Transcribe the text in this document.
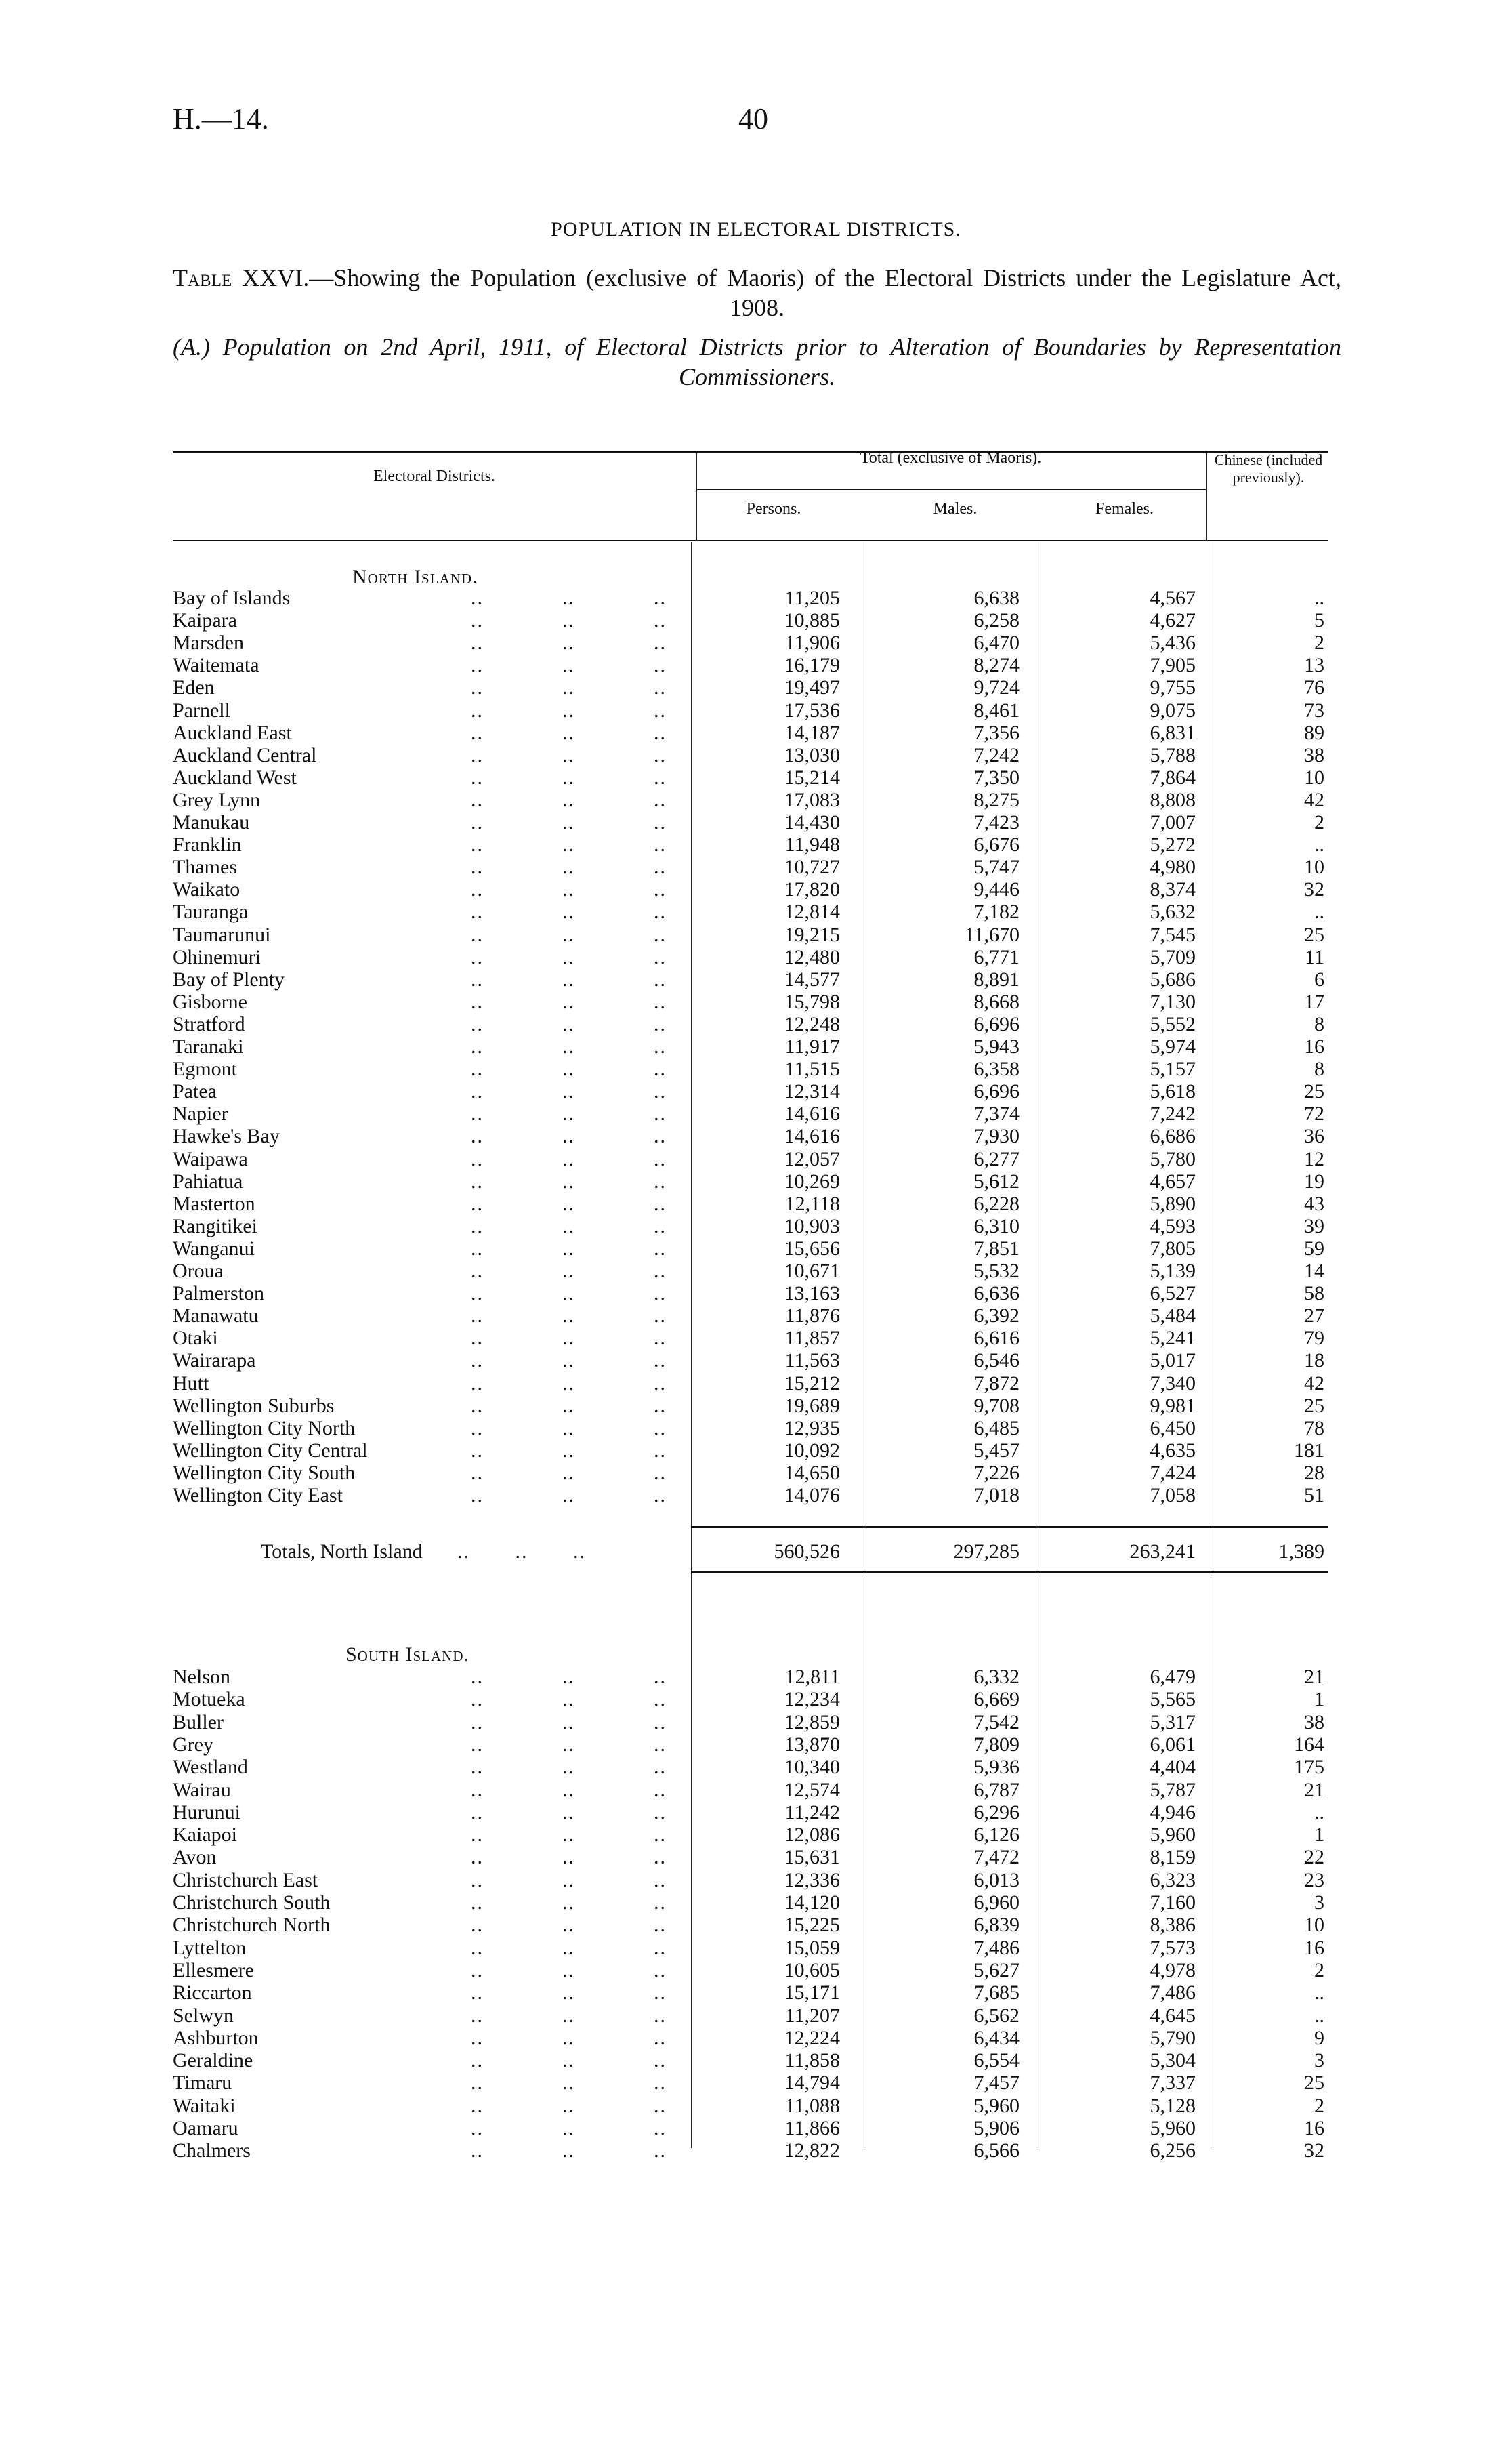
H.—14.	40
POPULATION IN ELECTORAL DISTRICTS.
Table XXVI.—Showing the Population (exclusive of Maoris) of the Electoral Districts under the Legislature Act, 1908.
(A.) Population on 2nd April, 1911, of Electoral Districts prior to Alteration of Boundaries by Representation Commissioners.
Electoral Districts.
Total (exclusive of Maoris).
Persons.	Males.	Females.
Chinese (included previously).
North Island.
Bay of Islands	..	..	..	11,205	6,638	4,567	..
Kaipara	..	..	..	10,885	6,258	4,627	5
Marsden	..	..	..	11,906	6,470	5,436	2
Waitemata	..	..	..	16,179	8,274	7,905	13
Eden	..	..	..	19,497	9,724	9,755	76
Parnell	..	..	..	17,536	8,461	9,075	73
Auckland East	..	..	..	14,187	7,356	6,831	89
Auckland Central	..	..	..	13,030	7,242	5,788	38
Auckland West	..	..	..	15,214	7,350	7,864	10
Grey Lynn	..	..	..	17,083	8,275	8,808	42
Manukau	..	..	..	14,430	7,423	7,007	2
Franklin	..	..	..	11,948	6,676	5,272	..
Thames	..	..	..	10,727	5,747	4,980	10
Waikato	..	..	..	17,820	9,446	8,374	32
Tauranga	..	..	..	12,814	7,182	5,632	..
Taumarunui	..	..	..	19,215	11,670	7,545	25
Ohinemuri	..	..	..	12,480	6,771	5,709	11
Bay of Plenty	..	..	..	14,577	8,891	5,686	6
Gisborne	..	..	..	15,798	8,668	7,130	17
Stratford	..	..	..	12,248	6,696	5,552	8
Taranaki	..	..	..	11,917	5,943	5,974	16
Egmont	..	..	..	11,515	6,358	5,157	8
Patea	..	..	..	12,314	6,696	5,618	25
Napier	..	..	..	14,616	7,374	7,242	72
Hawke's Bay	..	..	..	14,616	7,930	6,686	36
Waipawa	..	..	..	12,057	6,277	5,780	12
Pahiatua	..	..	..	10,269	5,612	4,657	19
Masterton	..	..	..	12,118	6,228	5,890	43
Rangitikei	..	..	..	10,903	6,310	4,593	39
Wanganui	..	..	..	15,656	7,851	7,805	59
Oroua	..	..	..	10,671	5,532	5,139	14
Palmerston	..	..	..	13,163	6,636	6,527	58
Manawatu	..	..	..	11,876	6,392	5,484	27
Otaki	..	..	..	11,857	6,616	5,241	79
Wairarapa	..	..	..	11,563	6,546	5,017	18
Hutt	..	..	..	15,212	7,872	7,340	42
Wellington Suburbs	..	..	..	19,689	9,708	9,981	25
Wellington City North	..	..	..	12,935	6,485	6,450	78
Wellington City Central	..	..	..	10,092	5,457	4,635	181
Wellington City South	..	..	..	14,650	7,226	7,424	28
Wellington City East	..	..	..	14,076	7,018	7,058	51
Totals, North Island ..       ..       ..	560,526	297,285	263,241	1,389
South Island.
Nelson	..	..	..	12,811	6,332	6,479	21
Motueka	..	..	..	12,234	6,669	5,565	1
Buller	..	..	..	12,859	7,542	5,317	38
Grey	..	..	..	13,870	7,809	6,061	164
Westland	..	..	..	10,340	5,936	4,404	175
Wairau	..	..	..	12,574	6,787	5,787	21
Hurunui	..	..	..	11,242	6,296	4,946	..
Kaiapoi	..	..	..	12,086	6,126	5,960	1
Avon	..	..	..	15,631	7,472	8,159	22
Christchurch East	..	..	..	12,336	6,013	6,323	23
Christchurch South	..	..	..	14,120	6,960	7,160	3
Christchurch North	..	..	..	15,225	6,839	8,386	10
Lyttelton	..	..	..	15,059	7,486	7,573	16
Ellesmere	..	..	..	10,605	5,627	4,978	2
Riccarton	..	..	..	15,171	7,685	7,486	..
Selwyn	..	..	..	11,207	6,562	4,645	..
Ashburton	..	..	..	12,224	6,434	5,790	9
Geraldine	..	..	..	11,858	6,554	5,304	3
Timaru	..	..	..	14,794	7,457	7,337	25
Waitaki	..	..	..	11,088	5,960	5,128	2
Oamaru	..	..	..	11,866	5,906	5,960	16
Chalmers	..	..	..	12,822	6,566	6,256	32
